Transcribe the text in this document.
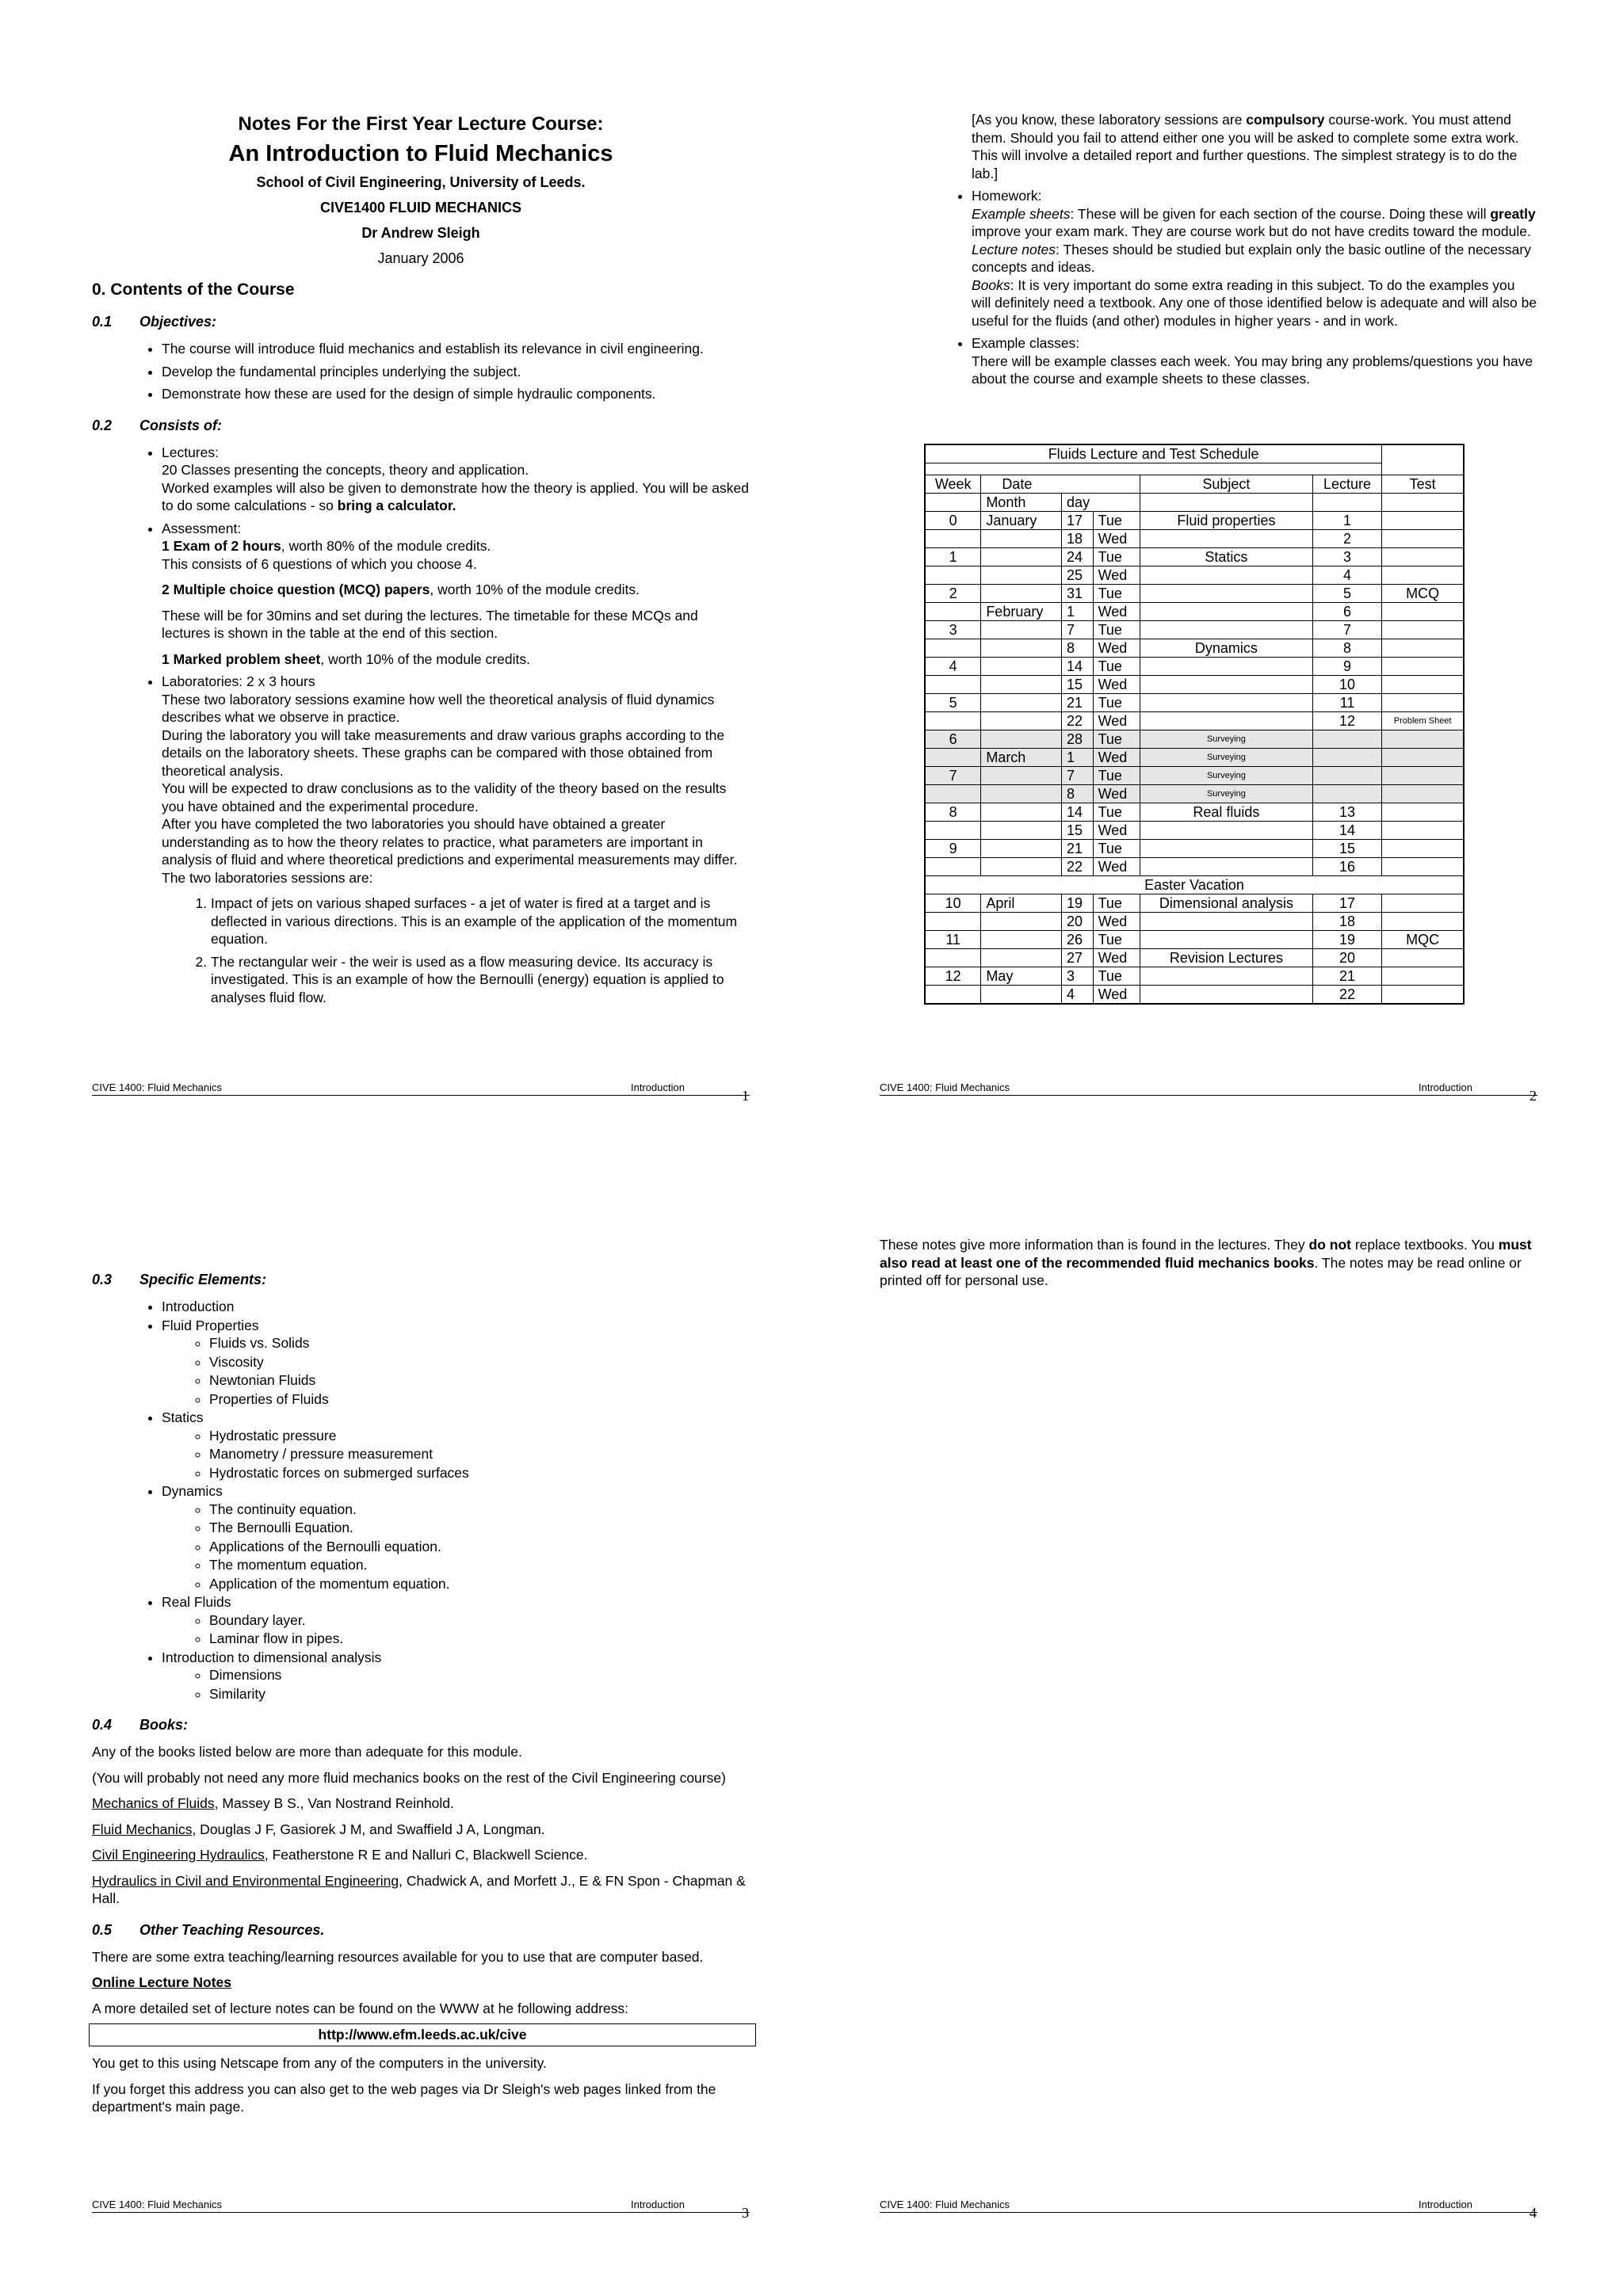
Notes For the First Year Lecture Course:
An Introduction to Fluid Mechanics
School of Civil Engineering, University of Leeds.
CIVE1400 FLUID MECHANICS
Dr Andrew Sleigh
January 2006
0. Contents of the Course
0.1 Objectives:
• The course will introduce fluid mechanics and establish its relevance in civil engineering.
• Develop the fundamental principles underlying the subject.
• Demonstrate how these are used for the design of simple hydraulic components.
0.2 Consists of:
• Lectures:
20 Classes presenting the concepts, theory and application.
Worked examples will also be given to demonstrate how the theory is applied. You will be asked to do some calculations - so bring a calculator.
• Assessment:
1 Exam of 2 hours, worth 80% of the module credits.
This consists of 6 questions of which you choose 4.
2 Multiple choice question (MCQ) papers, worth 10% of the module credits.
These will be for 30mins and set during the lectures. The timetable for these MCQs and lectures is shown in the table at the end of this section.
1 Marked problem sheet, worth 10% of the module credits.
• Laboratories: 2 x 3 hours
These two laboratory sessions examine how well the theoretical analysis of fluid dynamics describes what we observe in practice.
During the laboratory you will take measurements and draw various graphs according to the details on the laboratory sheets. These graphs can be compared with those obtained from theoretical analysis.
You will be expected to draw conclusions as to the validity of the theory based on the results you have obtained and the experimental procedure.
After you have completed the two laboratories you should have obtained a greater understanding as to how the theory relates to practice, what parameters are important in analysis of fluid and where theoretical predictions and experimental measurements may differ.
The two laboratories sessions are:
1. Impact of jets on various shaped surfaces - a jet of water is fired at a target and is deflected in various directions. This is an example of the application of the momentum equation.
2. The rectangular weir - the weir is used as a flow measuring device. Its accuracy is investigated. This is an example of how the Bernoulli (energy) equation is applied to analyses fluid flow.
CIVE 1400: Fluid Mechanics	Introduction
1
[As you know, these laboratory sessions are compulsory course-work. You must attend them. Should you fail to attend either one you will be asked to complete some extra work. This will involve a detailed report and further questions. The simplest strategy is to do the lab.]
• Homework:
Example sheets: These will be given for each section of the course. Doing these will greatly improve your exam mark. They are course work but do not have credits toward the module.
Lecture notes: Theses should be studied but explain only the basic outline of the necessary concepts and ideas.
Books: It is very important do some extra reading in this subject. To do the examples you will definitely need a textbook. Any one of those identified below is adequate and will also be useful for the fluids (and other) modules in higher years - and in work.
• Example classes:
There will be example classes each week. You may bring any problems/questions you have about the course and example sheets to these classes.
Fluids Lecture and Test Schedule						

Week	Date			Subject	Lecture	Test
	Month	day				
0	January	17	Tue	Fluid properties	1	
		18	Wed		2	
1		24	Tue	Statics	3	
		25	Wed		4	
2		31	Tue		5	MCQ
	February	1	Wed		6	
3		7	Tue		7	
		8	Wed	Dynamics	8	
4		14	Tue		9	
		15	Wed		10	
5		21	Tue		11	
		22	Wed		12	Problem Sheet
6		28	Tue	Surveying		
	March	1	Wed	Surveying		
7		7	Tue	Surveying		
		8	Wed	Surveying		
8		14	Tue	Real fluids	13	
		15	Wed		14	
9		21	Tue		15	
		22	Wed		16	
Easter Vacation						
10	April	19	Tue	Dimensional analysis	17	
		20	Wed		18	
11		26	Tue		19	MQC
		27	Wed	Revision Lectures	20	
12	May	3	Tue		21	
		4	Wed		22	
CIVE 1400: Fluid Mechanics	Introduction
2
0.3 Specific Elements:
• Introduction
• Fluid Properties
◦ Fluids vs. Solids
◦ Viscosity
◦ Newtonian Fluids
◦ Properties of Fluids
• Statics
◦ Hydrostatic pressure
◦ Manometry / pressure measurement
◦ Hydrostatic forces on submerged surfaces
• Dynamics
◦ The continuity equation.
◦ The Bernoulli Equation.
◦ Applications of the Bernoulli equation.
◦ The momentum equation.
◦ Application of the momentum equation.
• Real Fluids
◦ Boundary layer.
◦ Laminar flow in pipes.
• Introduction to dimensional analysis
◦ Dimensions
◦ Similarity
0.4 Books:

Any of the books listed below are more than adequate for this module.

(You will probably not need any more fluid mechanics books on the rest of the Civil Engineering course)

Mechanics of Fluids, Massey B S., Van Nostrand Reinhold.

Fluid Mechanics, Douglas J F, Gasiorek J M, and Swaffield J A, Longman.

Civil Engineering Hydraulics, Featherstone R E and Nalluri C, Blackwell Science.

Hydraulics in Civil and Environmental Engineering, Chadwick A, and Morfett J., E & FN Spon - Chapman & Hall.

0.5 Other Teaching Resources.

There are some extra teaching/learning resources available for you to use that are computer based.

Online Lecture Notes

A more detailed set of lecture notes can be found on the WWW at he following address:

http://www.efm.leeds.ac.uk/cive

You get to this using Netscape from any of the computers in the university.

If you forget this address you can also get to the web pages via Dr Sleigh's web pages linked from the department's main page.

CIVE 1400: Fluid Mechanics	Introduction
3

These notes give more information than is found in the lectures. They do not replace textbooks. You must also read at least one of the recommended fluid mechanics books. The notes may be read online or printed off for personal use.

CIVE 1400: Fluid Mechanics	Introduction
4
